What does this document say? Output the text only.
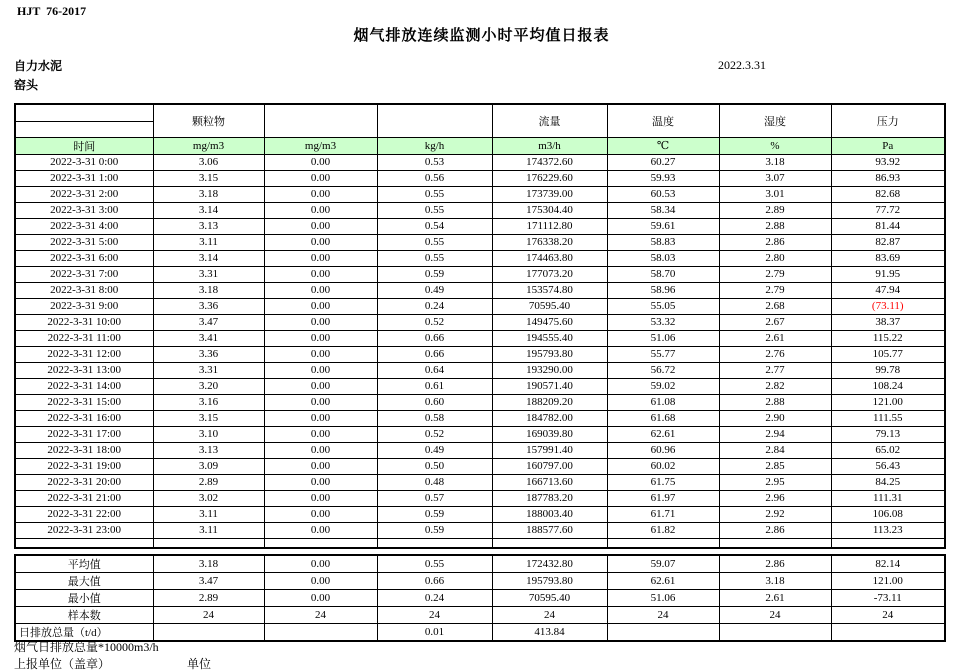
HJT  76-2017
烟气排放连续监测小时平均值日报表
自力水泥
窑头
2022.3.31
	颗粒物			流量	温度	湿度	压力

时间	mg/m3	mg/m3	kg/h	m3/h	℃	%	Pa
2022-3-31 0:00	3.06	0.00	0.53	174372.60	60.27	3.18	93.92
2022-3-31 1:00	3.15	0.00	0.56	176229.60	59.93	3.07	86.93
2022-3-31 2:00	3.18	0.00	0.55	173739.00	60.53	3.01	82.68
2022-3-31 3:00	3.14	0.00	0.55	175304.40	58.34	2.89	77.72
2022-3-31 4:00	3.13	0.00	0.54	171112.80	59.61	2.88	81.44
2022-3-31 5:00	3.11	0.00	0.55	176338.20	58.83	2.86	82.87
2022-3-31 6:00	3.14	0.00	0.55	174463.80	58.03	2.80	83.69
2022-3-31 7:00	3.31	0.00	0.59	177073.20	58.70	2.79	91.95
2022-3-31 8:00	3.18	0.00	0.49	153574.80	58.96	2.79	47.94
2022-3-31 9:00	3.36	0.00	0.24	70595.40	55.05	2.68	(73.11)
2022-3-31 10:00	3.47	0.00	0.52	149475.60	53.32	2.67	38.37
2022-3-31 11:00	3.41	0.00	0.66	194555.40	51.06	2.61	115.22
2022-3-31 12:00	3.36	0.00	0.66	195793.80	55.77	2.76	105.77
2022-3-31 13:00	3.31	0.00	0.64	193290.00	56.72	2.77	99.78
2022-3-31 14:00	3.20	0.00	0.61	190571.40	59.02	2.82	108.24
2022-3-31 15:00	3.16	0.00	0.60	188209.20	61.08	2.88	121.00
2022-3-31 16:00	3.15	0.00	0.58	184782.00	61.68	2.90	111.55
2022-3-31 17:00	3.10	0.00	0.52	169039.80	62.61	2.94	79.13
2022-3-31 18:00	3.13	0.00	0.49	157991.40	60.96	2.84	65.02
2022-3-31 19:00	3.09	0.00	0.50	160797.00	60.02	2.85	56.43
2022-3-31 20:00	2.89	0.00	0.48	166713.60	61.75	2.95	84.25
2022-3-31 21:00	3.02	0.00	0.57	187783.20	61.97	2.96	111.31
2022-3-31 22:00	3.11	0.00	0.59	188003.40	61.71	2.92	106.08
2022-3-31 23:00	3.11	0.00	0.59	188577.60	61.82	2.86	113.23

平均值	3.18	0.00	0.55	172432.80	59.07	2.86	82.14
最大值	3.47	0.00	0.66	195793.80	62.61	3.18	121.00
最小值	2.89	0.00	0.24	70595.40	51.06	2.61	-73.11
样本数	24	24	24	24	24	24	24
日排放总量（t/d）			0.01	413.84			
烟气日排放总量*10000m3/h
上报单位（盖章）	单位
